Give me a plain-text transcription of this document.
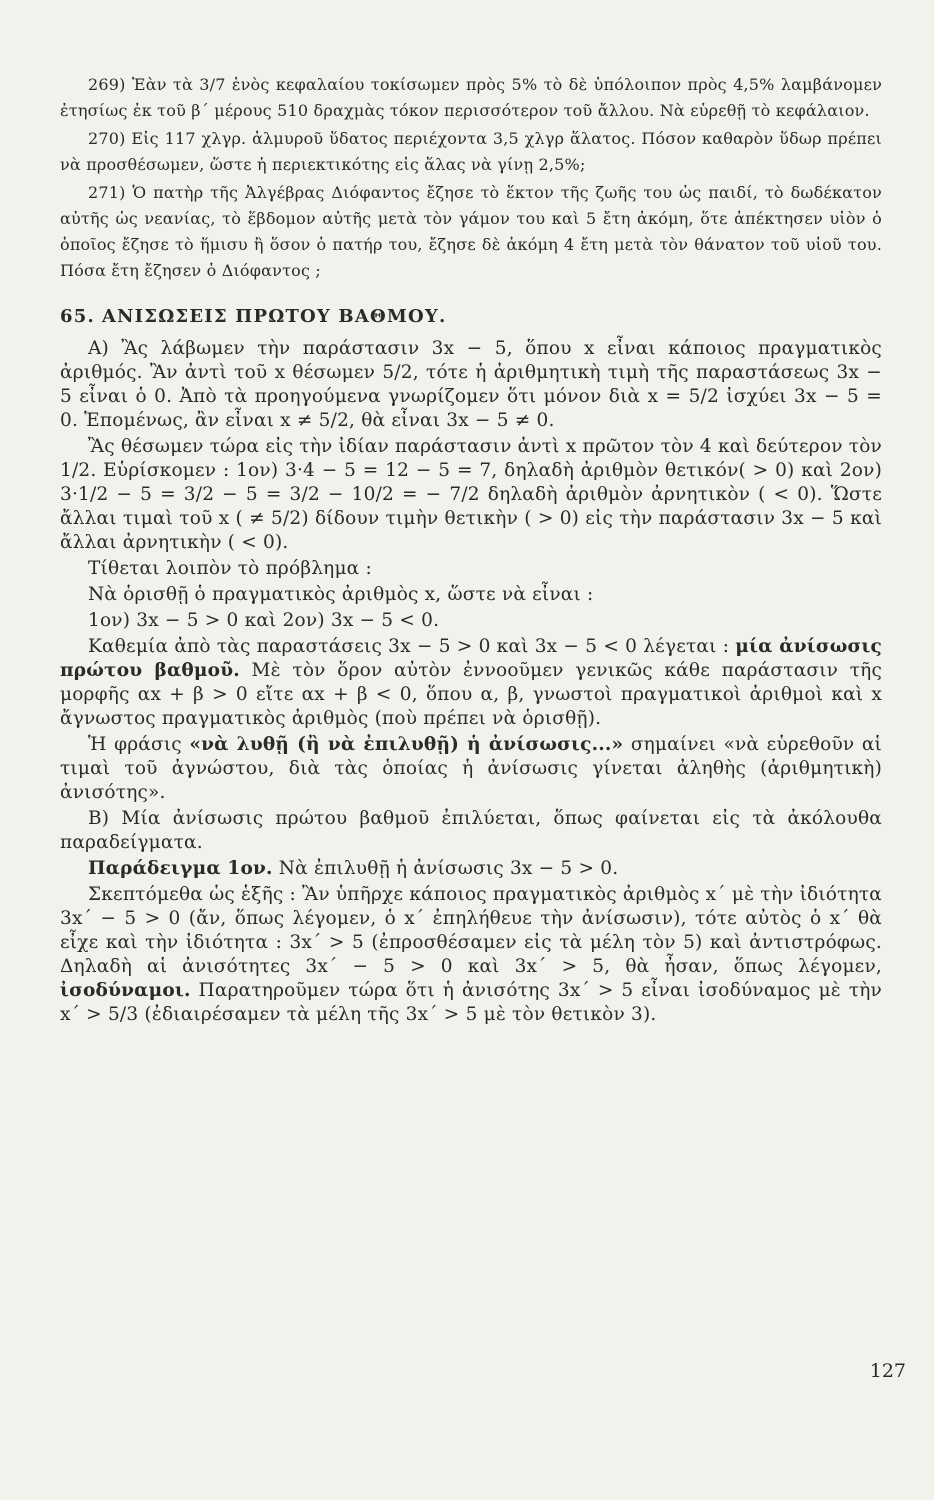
269) Ἐὰν τὰ 3/7 ἑνὸς κεφαλαίου τοκίσωμεν πρὸς 5% τὸ δὲ ὑπόλοιπον πρὸς 4,5% λαμβάνομεν ἐτησίως ἐκ τοῦ β΄ μέρους 510 δραχμὰς τόκον περισσότερον τοῦ ἄλλου. Νὰ εὑρεθῇ τὸ κεφάλαιον.

270) Εἰς 117 χλγρ. ἁλμυροῦ ὕδατος περιέχοντα 3,5 χλγρ ἅλατος. Πόσον καθαρὸν ὕδωρ πρέπει νὰ προσθέσωμεν, ὥστε ἡ περιεκτικότης εἰς ἅλας νὰ γίνῃ 2,5%;

271) Ὁ πατὴρ τῆς Ἀλγέβρας Διόφαντος ἔζησε τὸ ἕκτον τῆς ζωῆς του ὡς παιδί, τὸ δωδέκατον αὐτῆς ὡς νεανίας, τὸ ἕβδομον αὐτῆς μετὰ τὸν γάμον του καὶ 5 ἔτη ἀκόμη, ὅτε ἀπέκτησεν υἱὸν ὁ ὁποῖος ἔζησε τὸ ἥμισυ ἢ ὅσον ὁ πατήρ του, ἔζησε δὲ ἀκόμη 4 ἔτη μετὰ τὸν θάνατον τοῦ υἱοῦ του. Πόσα ἔτη ἔζησεν ὁ Διόφαντος ;

65. ΑΝΙΣΩΣΕΙΣ ΠΡΩΤΟΥ ΒΑΘΜΟΥ.

Α) Ἂς λάβωμεν τὴν παράστασιν 3x − 5, ὅπου x εἶναι κάποιος πραγματικὸς ἀριθμός. Ἂν ἀντὶ τοῦ x θέσωμεν 5/2, τότε ἡ ἀριθμητικὴ τιμὴ τῆς παραστάσεως 3x − 5 εἶναι ὁ 0. Ἀπὸ τὰ προηγούμενα γνωρίζομεν ὅτι μόνον διὰ x = 5/2 ἰσχύει 3x − 5 = 0. Ἑπομένως, ἂν εἶναι x ≠ 5/2, θὰ εἶναι 3x − 5 ≠ 0.

Ἂς θέσωμεν τώρα εἰς τὴν ἰδίαν παράστασιν ἀντὶ x πρῶτον τὸν 4 καὶ δεύτερον τὸν 1/2. Εὑρίσκομεν : 1ον) 3·4 − 5 = 12 − 5 = 7, δηλαδὴ ἀριθμὸν θετικόν( > 0) καὶ 2ον) 3·1/2 − 5 = 3/2 − 5 = 3/2 − 10/2 = − 7/2 δηλαδὴ ἀριθμὸν ἀρνητικὸν ( < 0). Ὥστε ἄλλαι τιμαὶ τοῦ x ( ≠ 5/2) δίδουν τιμὴν θετικὴν ( > 0) εἰς τὴν παράστασιν 3x − 5 καὶ ἄλλαι ἀρνητικὴν ( < 0).

Τίθεται λοιπὸν τὸ πρόβλημα :

Νὰ ὁρισθῇ ὁ πραγματικὸς ἀριθμὸς x, ὥστε νὰ εἶναι :

1ον) 3x − 5 > 0 καὶ 2ον) 3x − 5 < 0.

Καθεμία ἀπὸ τὰς παραστάσεις 3x − 5 > 0 καὶ 3x − 5 < 0 λέγεται : μία ἀνίσωσις πρώτου βαθμοῦ. Μὲ τὸν ὅρον αὐτὸν ἐννοοῦμεν γενικῶς κάθε παράστασιν τῆς μορφῆς αx + β > 0 εἴτε αx + β < 0, ὅπου α, β, γνωστοὶ πραγματικοὶ ἀριθμοὶ καὶ x ἄγνωστος πραγματικὸς ἀριθμὸς (ποὺ πρέπει νὰ ὁρισθῇ).

Ἡ φράσις «νὰ λυθῇ (ἢ νὰ ἐπιλυθῇ) ἡ ἀνίσωσις...» σημαίνει «νὰ εὑρεθοῦν αἱ τιμαὶ τοῦ ἀγνώστου, διὰ τὰς ὁποίας ἡ ἀνίσωσις γίνεται ἀληθὴς (ἀριθμητικὴ) ἀνισότης».

Β) Μία ἀνίσωσις πρώτου βαθμοῦ ἐπιλύεται, ὅπως φαίνεται εἰς τὰ ἀκόλουθα παραδείγματα.

Παράδειγμα 1ον. Νὰ ἐπιλυθῇ ἡ ἀνίσωσις 3x − 5 > 0.

Σκεπτόμεθα ὡς ἑξῆς : Ἂν ὑπῆρχε κάποιος πραγματικὸς ἀριθμὸς x΄ μὲ τὴν ἰδιότητα 3x΄ − 5 > 0 (ἄν, ὅπως λέγομεν, ὁ x΄ ἐπηλήθευε τὴν ἀνίσωσιν), τότε αὐτὸς ὁ x΄ θὰ εἶχε καὶ τὴν ἰδιότητα : 3x΄ > 5 (ἐπροσθέσαμεν εἰς τὰ μέλη τὸν 5) καὶ ἀντιστρόφως. Δηλαδὴ αἱ ἀνισότητες 3x΄ − 5 > 0 καὶ 3x΄ > 5, θὰ ἦσαν, ὅπως λέγομεν, ἰσοδύναμοι. Παρατηροῦμεν τώρα ὅτι ἡ ἀνισότης 3x΄ > 5 εἶναι ἰσοδύναμος μὲ τὴν x΄ > 5/3 (ἐδιαιρέσαμεν τὰ μέλη τῆς 3x΄ > 5 μὲ τὸν θετικὸν 3).

127
